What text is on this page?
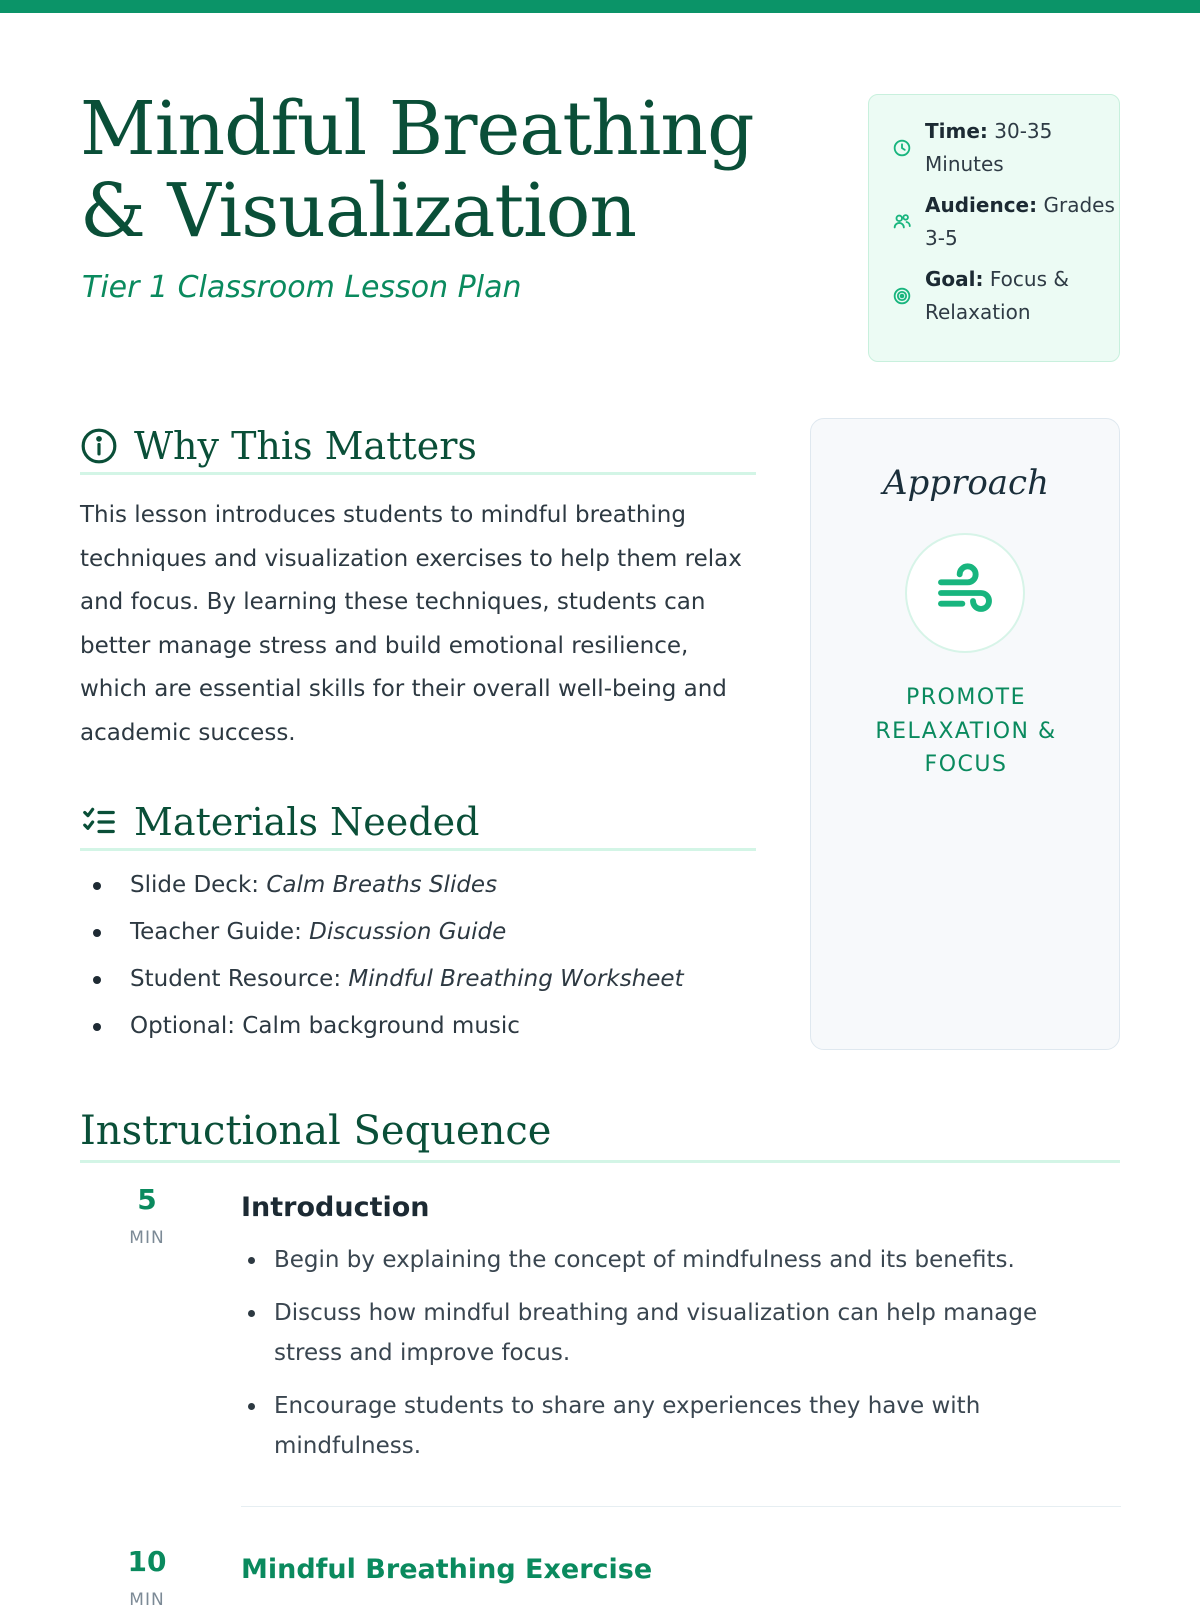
Mindful Breathing & Visualization
Tier 1 Classroom Lesson Plan
Time: 30-35 Minutes
Audience: Grades 3-5
Goal: Focus & Relaxation
Why This Matters

This lesson introduces students to mindful breathing techniques and visualization exercises to help them relax and focus. By learning these techniques, students can better manage stress and build emotional resilience, which are essential skills for their overall well-being and academic success.

Materials Needed
Slide Deck: Calm Breaths Slides
Teacher Guide: Discussion Guide
Student Resource: Mindful Breathing Worksheet
Optional: Calm background music
Approach
PROMOTE RELAXATION & FOCUS
Instructional Sequence
5
MIN
Introduction
Begin by explaining the concept of mindfulness and its benefits.
Discuss how mindful breathing and visualization can help manage stress and improve focus.
Encourage students to share any experiences they have with mindfulness.
10
MIN
Mindful Breathing Exercise
